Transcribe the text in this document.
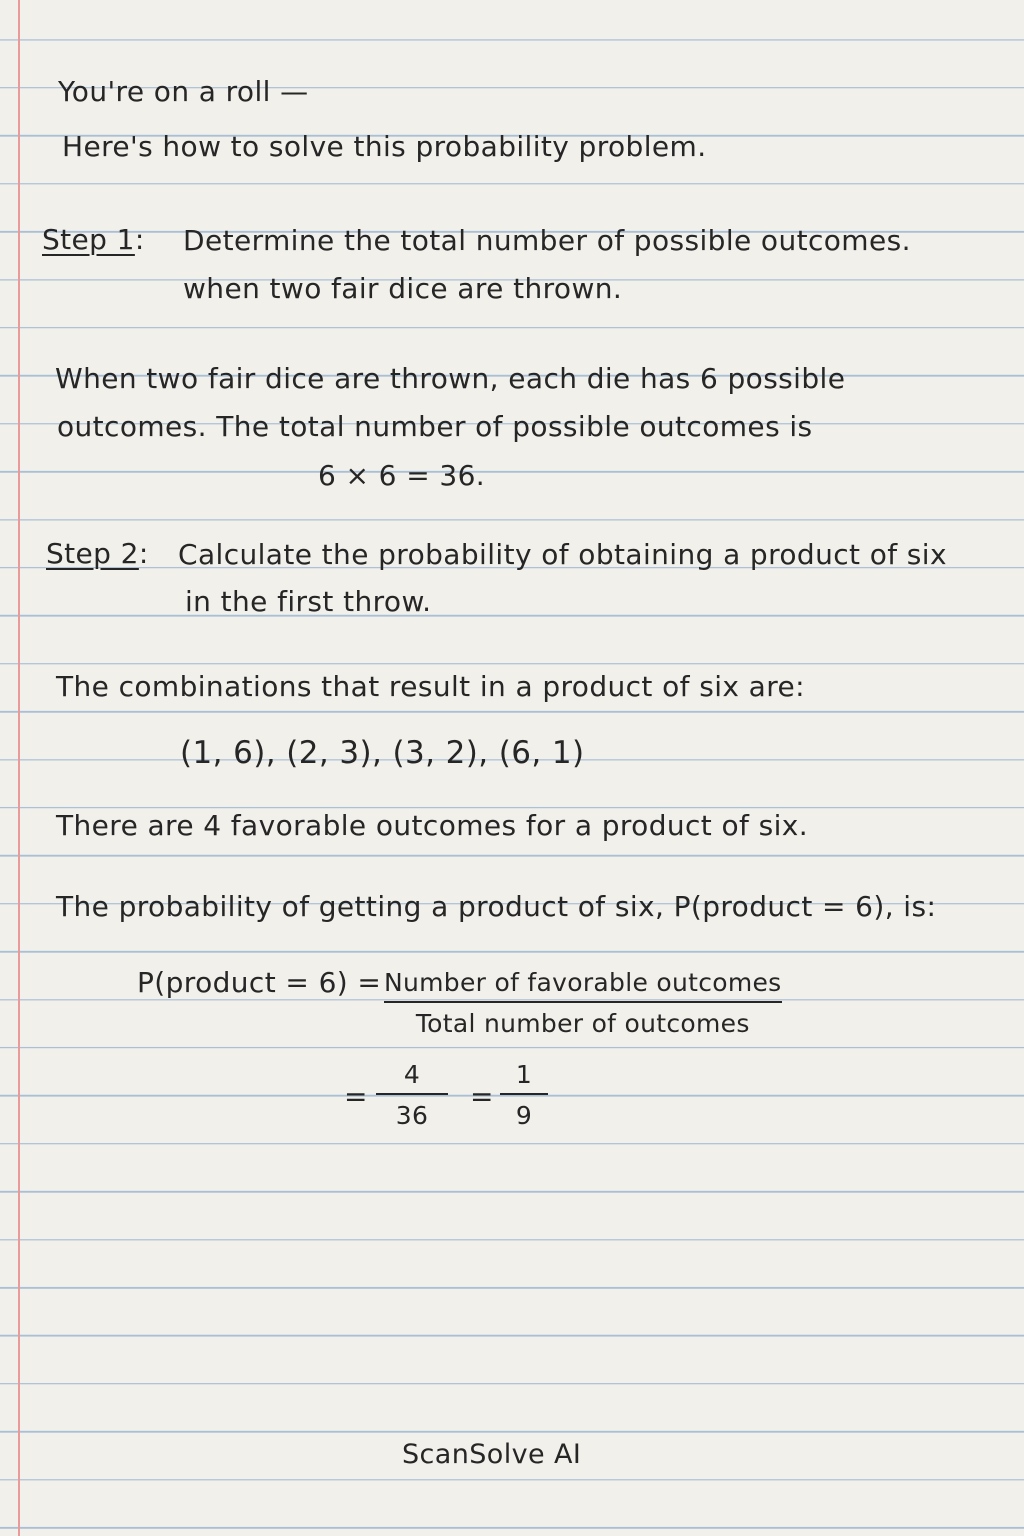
You're on a roll —
Here's how to solve this probability problem.
Step 1: Determine the total number of possible outcomes.
when two fair dice are thrown.
When two fair dice are thrown, each die has 6 possible
outcomes. The total number of possible outcomes is
6 × 6 = 36.
Step 2: Calculate the probability of obtaining a product of six
in the first throw.
The combinations that result in a product of six are:
(1, 6), (2, 3), (3, 2), (6, 1)
There are 4 favorable outcomes for a product of six.
The probability of getting a product of six, P(product = 6), is:
P(product = 6) = Number of favorable outcomes
Total number of outcomes
=
4
36
=
1
9
ScanSolve AI
